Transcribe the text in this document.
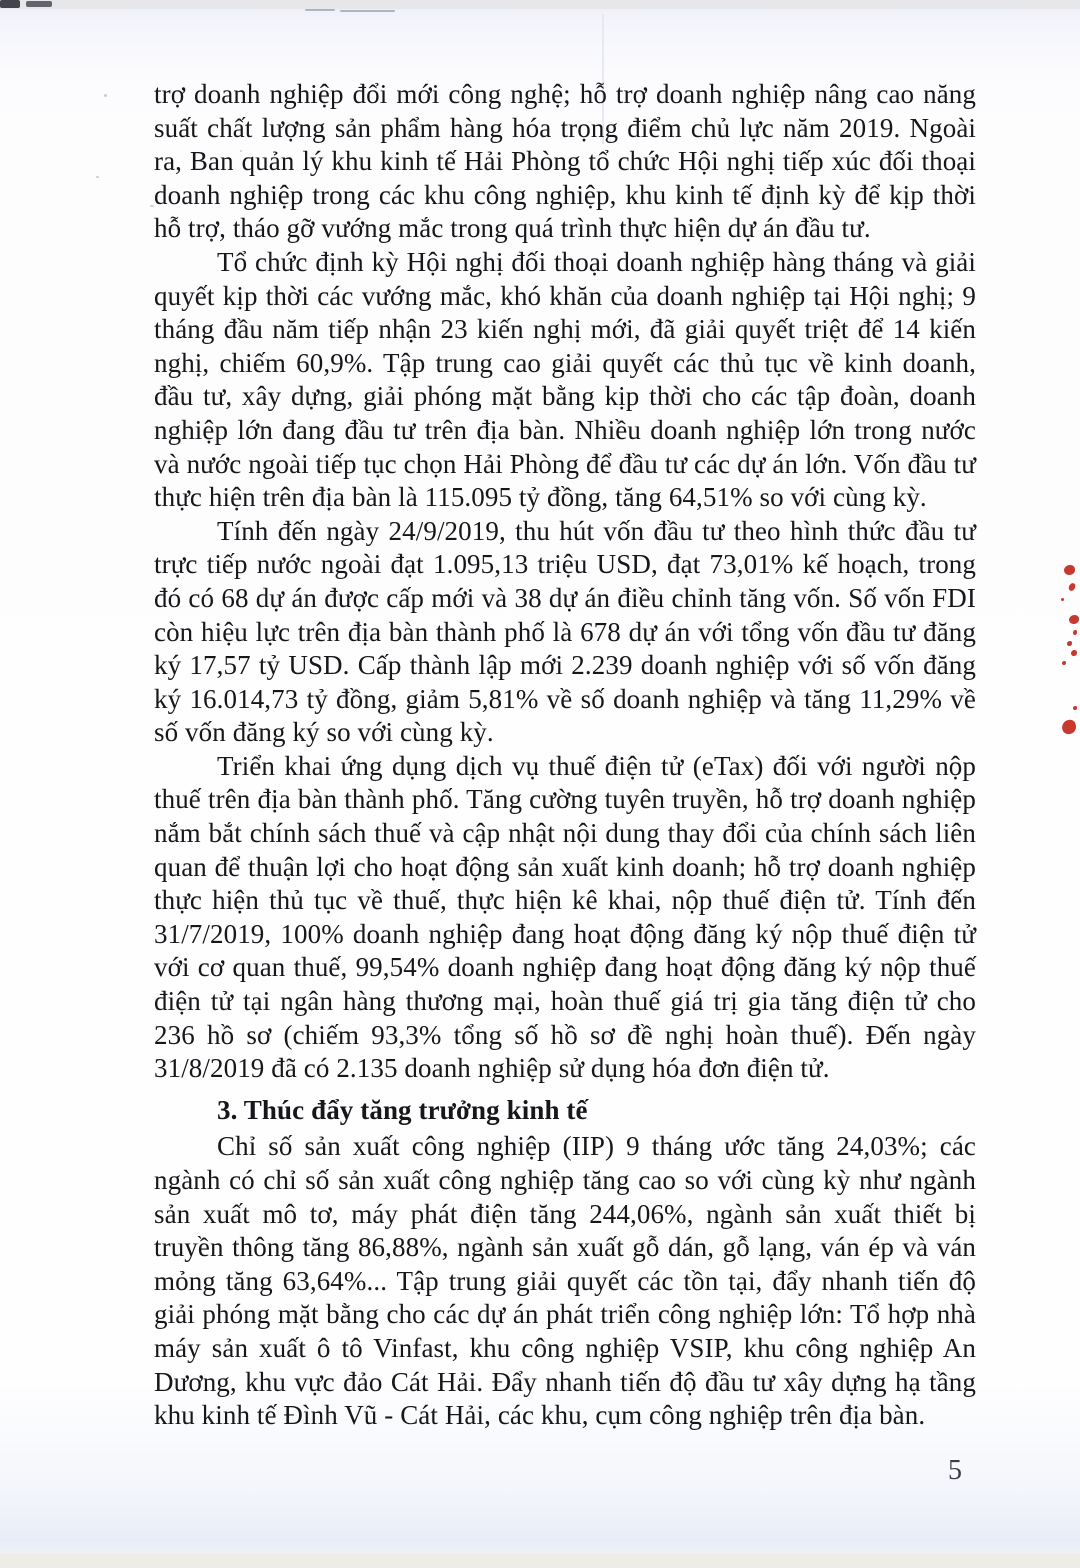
trợ doanh nghiệp đổi mới công nghệ; hỗ trợ doanh nghiệp nâng cao năng suất chất lượng sản phẩm hàng hóa trọng điểm chủ lực năm 2019. Ngoài ra, Ban quản lý khu kinh tế Hải Phòng tổ chức Hội nghị tiếp xúc đối thoại doanh nghiệp trong các khu công nghiệp, khu kinh tế định kỳ để kịp thời hỗ trợ, tháo gỡ vướng mắc trong quá trình thực hiện dự án đầu tư.

Tổ chức định kỳ Hội nghị đối thoại doanh nghiệp hàng tháng và giải quyết kịp thời các vướng mắc, khó khăn của doanh nghiệp tại Hội nghị; 9 tháng đầu năm tiếp nhận 23 kiến nghị mới, đã giải quyết triệt để 14 kiến nghị, chiếm 60,9%. Tập trung cao giải quyết các thủ tục về kinh doanh, đầu tư, xây dựng, giải phóng mặt bằng kịp thời cho các tập đoàn, doanh nghiệp lớn đang đầu tư trên địa bàn. Nhiều doanh nghiệp lớn trong nước và nước ngoài tiếp tục chọn Hải Phòng để đầu tư các dự án lớn. Vốn đầu tư thực hiện trên địa bàn là 115.095 tỷ đồng, tăng 64,51% so với cùng kỳ.

Tính đến ngày 24/9/2019, thu hút vốn đầu tư theo hình thức đầu tư trực tiếp nước ngoài đạt 1.095,13 triệu USD, đạt 73,01% kế hoạch, trong đó có 68 dự án được cấp mới và 38 dự án điều chỉnh tăng vốn. Số vốn FDI còn hiệu lực trên địa bàn thành phố là 678 dự án với tổng vốn đầu tư đăng ký 17,57 tỷ USD. Cấp thành lập mới 2.239 doanh nghiệp với số vốn đăng ký 16.014,73 tỷ đồng, giảm 5,81% về số doanh nghiệp và tăng 11,29% về số vốn đăng ký so với cùng kỳ.

Triển khai ứng dụng dịch vụ thuế điện tử (eTax) đối với người nộp thuế trên địa bàn thành phố. Tăng cường tuyên truyền, hỗ trợ doanh nghiệp nắm bắt chính sách thuế và cập nhật nội dung thay đổi của chính sách liên quan để thuận lợi cho hoạt động sản xuất kinh doanh; hỗ trợ doanh nghiệp thực hiện thủ tục về thuế, thực hiện kê khai, nộp thuế điện tử. Tính đến 31/7/2019, 100% doanh nghiệp đang hoạt động đăng ký nộp thuế điện tử với cơ quan thuế, 99,54% doanh nghiệp đang hoạt động đăng ký nộp thuế điện tử tại ngân hàng thương mại, hoàn thuế giá trị gia tăng điện tử cho 236 hồ sơ (chiếm 93,3% tổng số hồ sơ đề nghị hoàn thuế). Đến ngày 31/8/2019 đã có 2.135 doanh nghiệp sử dụng hóa đơn điện tử.

3. Thúc đẩy tăng trưởng kinh tế

Chỉ số sản xuất công nghiệp (IIP) 9 tháng ước tăng 24,03%; các ngành có chỉ số sản xuất công nghiệp tăng cao so với cùng kỳ như ngành sản xuất mô tơ, máy phát điện tăng 244,06%, ngành sản xuất thiết bị truyền thông tăng 86,88%, ngành sản xuất gỗ dán, gỗ lạng, ván ép và ván mỏng tăng 63,64%... Tập trung giải quyết các tồn tại, đẩy nhanh tiến độ giải phóng mặt bằng cho các dự án phát triển công nghiệp lớn: Tổ hợp nhà máy sản xuất ô tô Vinfast, khu công nghiệp VSIP, khu công nghiệp An Dương, khu vực đảo Cát Hải. Đẩy nhanh tiến độ đầu tư xây dựng hạ tầng khu kinh tế Đình Vũ - Cát Hải, các khu, cụm công nghiệp trên địa bàn.

5
